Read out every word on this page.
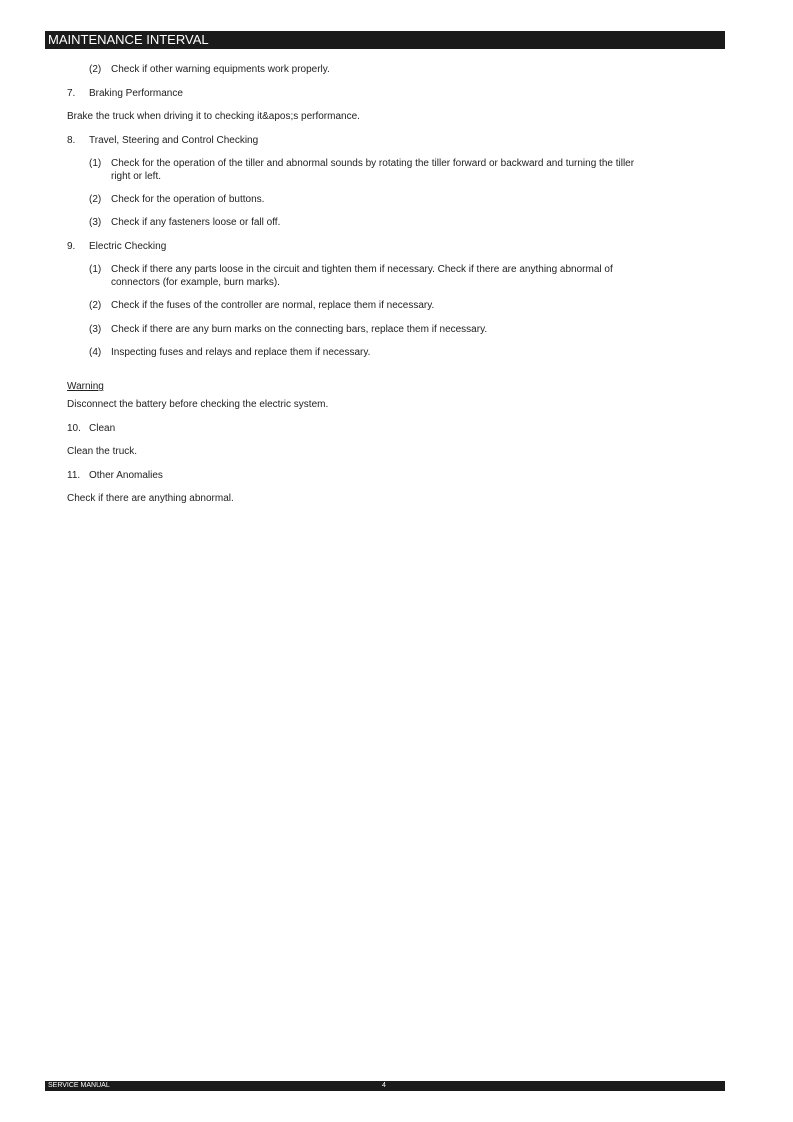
MAINTENANCE INTERVAL
(2) Check if other warning equipments work properly.
7. Braking Performance

Brake the truck when driving it to checking it&apos;s performance.

8. Travel, Steering and Control Checking
(1) Check for the operation of the tiller and abnormal sounds by rotating the tiller forward or backward and turning the tiller
right or left.
(2) Check for the operation of buttons.
(3) Check if any fasteners loose or fall off.
9. Electric Checking
(1) Check if there any parts loose in the circuit and tighten them if necessary. Check if there are anything abnormal of
connectors (for example, burn marks).
(2) Check if the fuses of the controller are normal, replace them if necessary.
(3) Check if there are any burn marks on the connecting bars, replace them if necessary.
(4) Inspecting fuses and relays and replace them if necessary.

Warning

Disconnect the battery before checking the electric system.

10. Clean

Clean the truck.

11. Other Anomalies

Check if there are anything abnormal.

SERVICE MANUAL	4
